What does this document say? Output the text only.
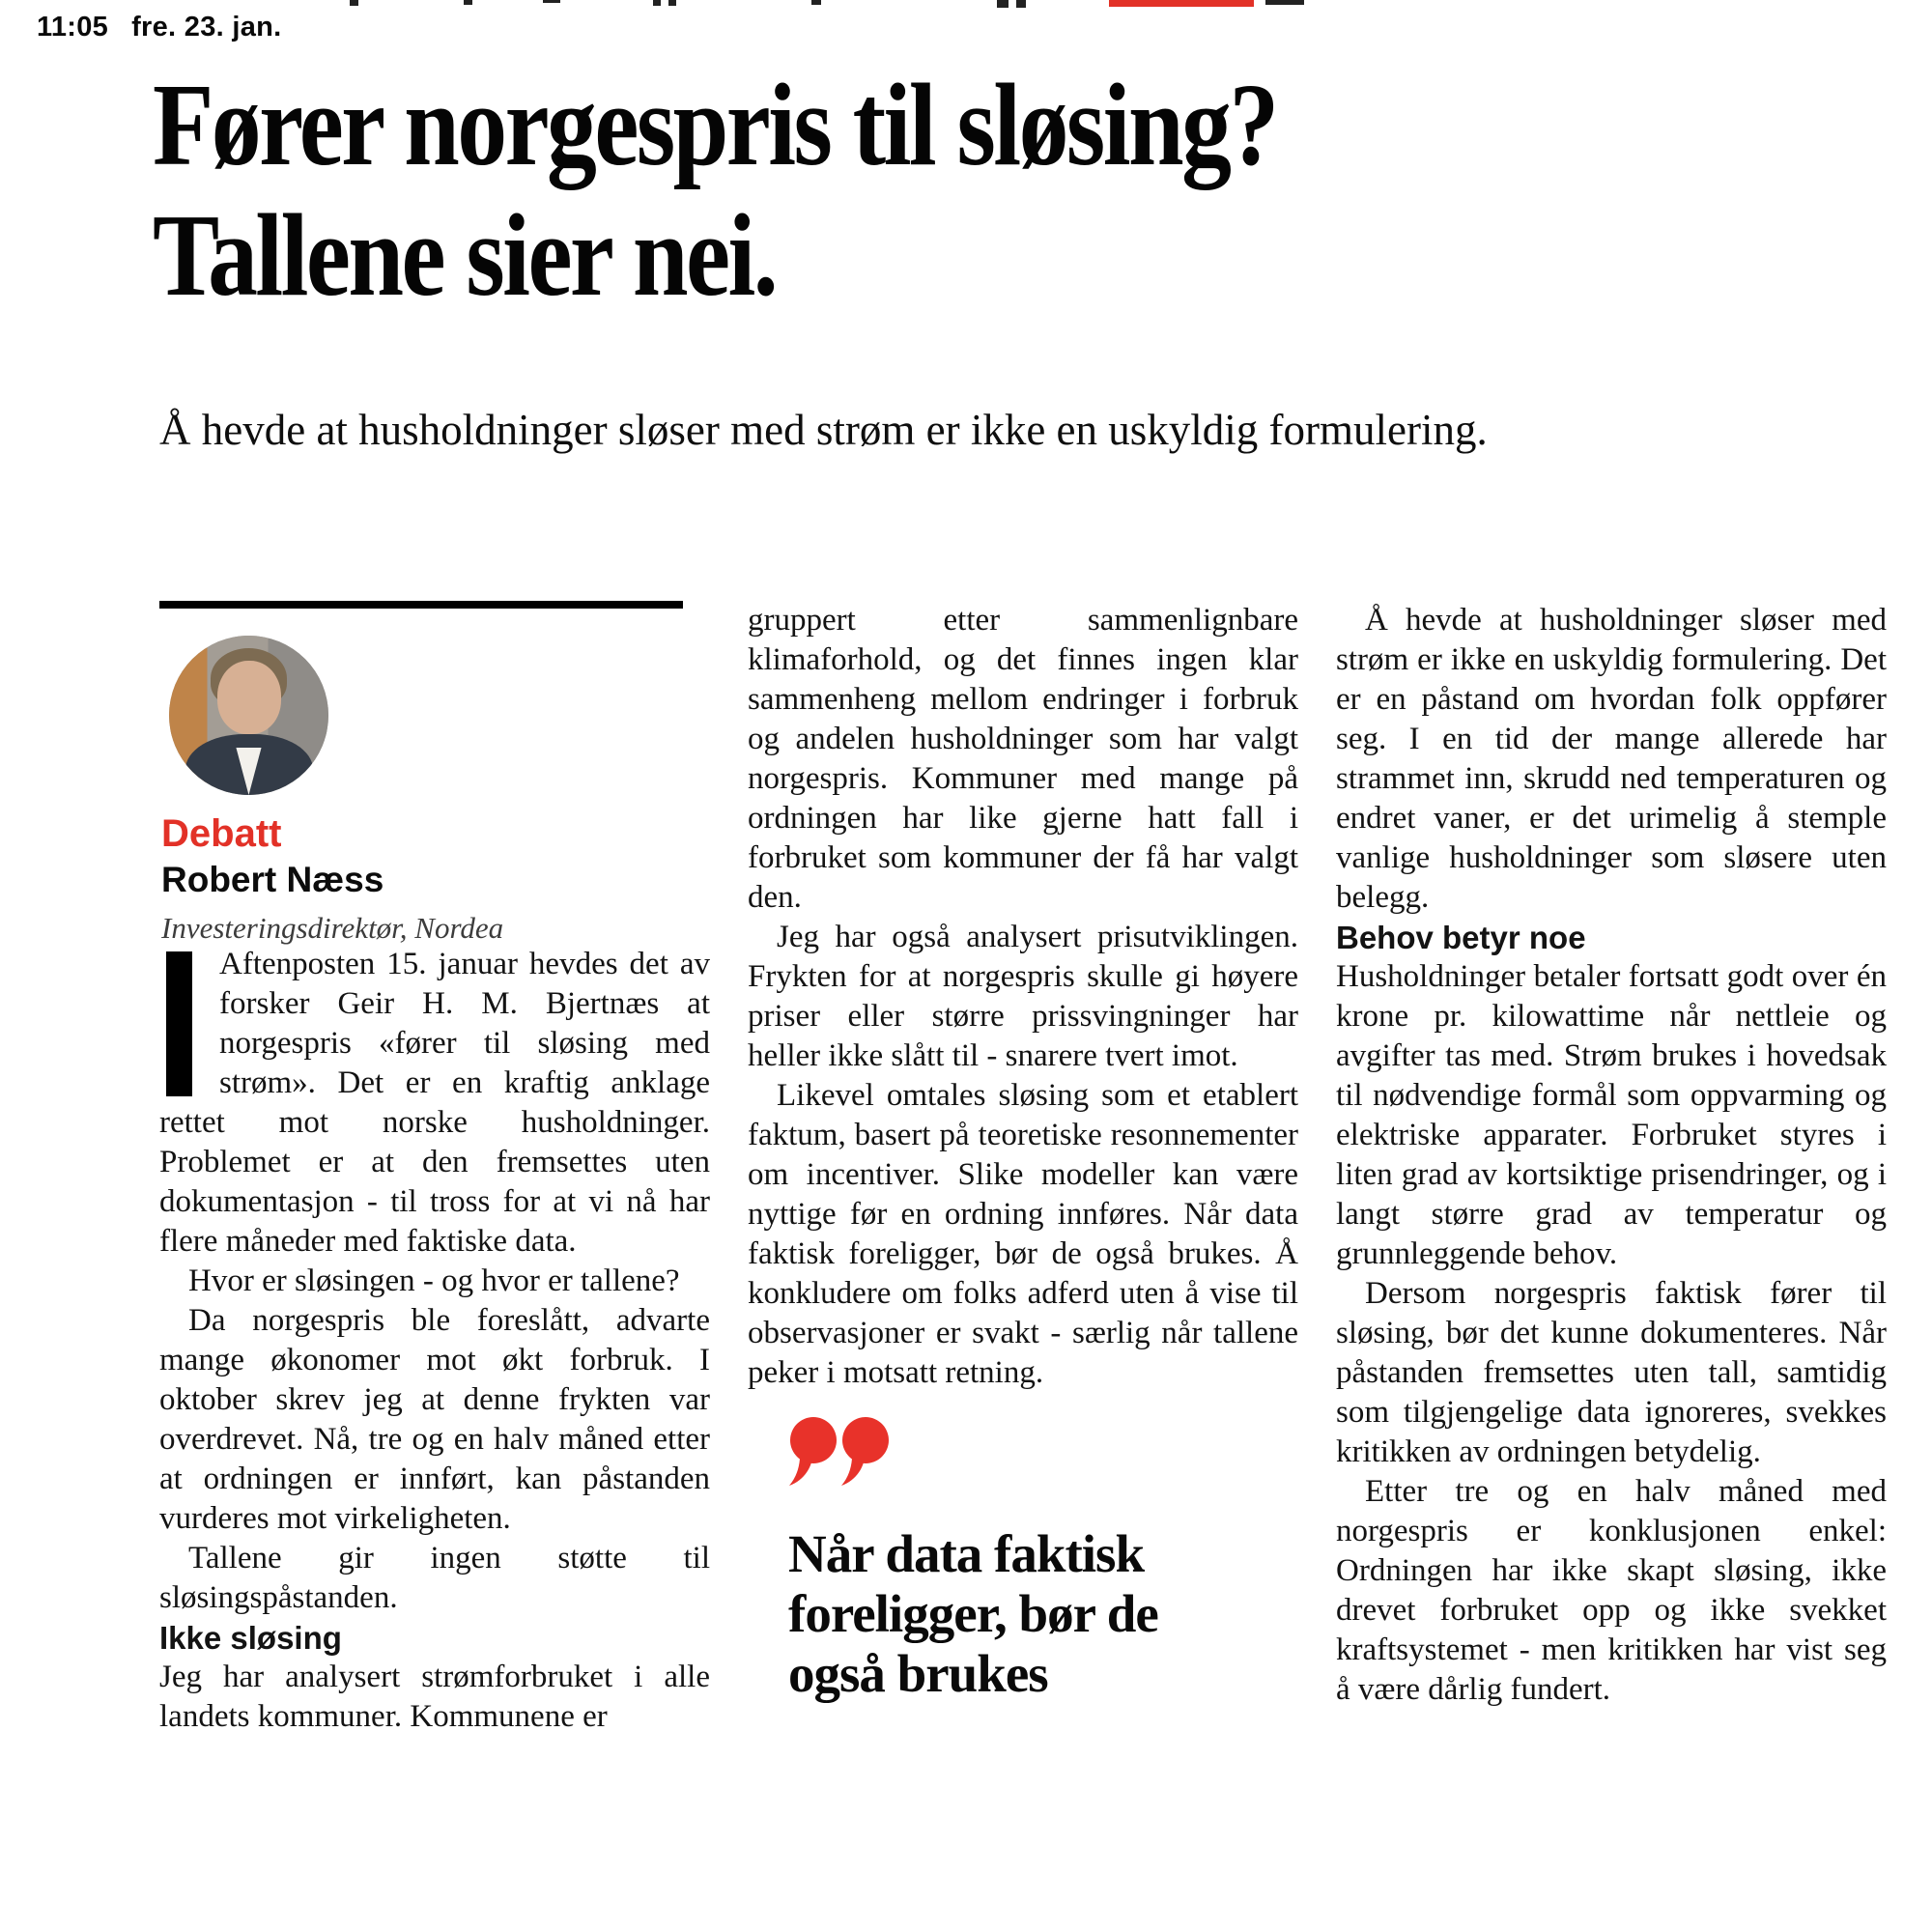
11:05 fre. 23. jan.
Fører norgespris til sløsing?
Tallene sier nei.
Å hevde at husholdninger sløser med strøm er ikke en uskyldig formulering.
Debatt
Robert Næss
Investeringsdirektør, Nordea

Aftenposten 15. januar hevdes det av forsker Geir H. M. Bjertnæs at norgespris «fører til sløsing med strøm». Det er en kraftig anklage rettet mot norske husholdninger. Problemet er at den fremsettes uten dokumentasjon - til tross for at vi nå har flere måneder med faktiske data.

Hvor er sløsingen - og hvor er tallene?

Da norgespris ble foreslått, advarte mange økonomer mot økt forbruk. I oktober skrev jeg at denne frykten var overdrevet. Nå, tre og en halv måned etter at ordningen er innført, kan påstanden vurderes mot virkeligheten.

Tallene gir ingen støtte til sløsingspåstanden.

Ikke sløsing

Jeg har analysert strømforbruket i alle landets kommuner. Kommunene er

gruppert etter sammenlignbare klimaforhold, og det finnes ingen klar sammenheng mellom endringer i forbruk og andelen husholdninger som har valgt norgespris. Kommuner med mange på ordningen har like gjerne hatt fall i forbruket som kommuner der få har valgt den.

Jeg har også analysert prisutviklingen. Frykten for at norgespris skulle gi høyere priser eller større prissvingninger har heller ikke slått til - snarere tvert imot.

Likevel omtales sløsing som et etablert faktum, basert på teoretiske resonnementer om incentiver. Slike modeller kan være nyttige før en ordning innføres. Når data faktisk foreligger, bør de også brukes. Å konkludere om folks adferd uten å vise til observasjoner er svakt - særlig når tallene peker i motsatt retning.

Når data faktisk
foreligger, bør de
også brukes

Å hevde at husholdninger sløser med strøm er ikke en uskyldig formulering. Det er en påstand om hvordan folk oppfører seg. I en tid der mange allerede har strammet inn, skrudd ned temperaturen og endret vaner, er det urimelig å stemple vanlige husholdninger som sløsere uten belegg.

Behov betyr noe

Husholdninger betaler fortsatt godt over én krone pr. kilowattime når nettleie og avgifter tas med. Strøm brukes i hovedsak til nødvendige formål som oppvarming og elektriske apparater. Forbruket styres i liten grad av kortsiktige prisendringer, og i langt større grad av temperatur og grunnleggende behov.

Dersom norgespris faktisk fører til sløsing, bør det kunne dokumenteres. Når påstanden fremsettes uten tall, samtidig som tilgjengelige data ignoreres, svekkes kritikken av ordningen betydelig.

Etter tre og en halv måned med norgespris er konklusjonen enkel: Ordningen har ikke skapt sløsing, ikke drevet forbruket opp og ikke svekket kraftsystemet - men kritikken har vist seg å være dårlig fundert.
